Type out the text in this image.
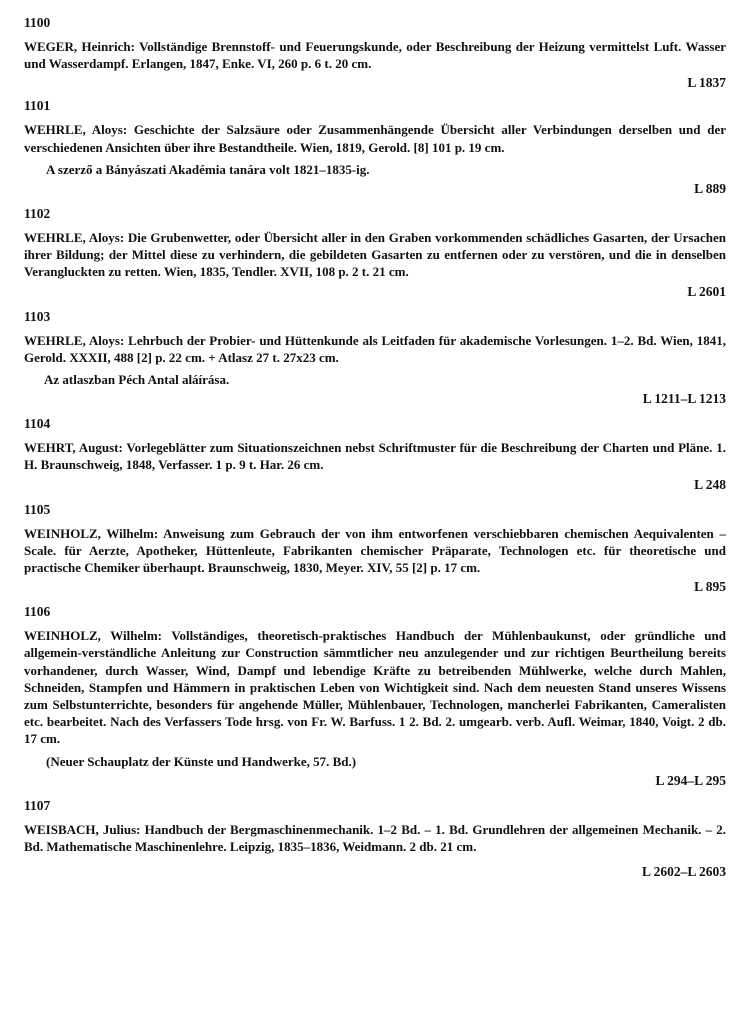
1100

WEGER, Heinrich: Vollständige Brennstoff- und Feuerungskunde, oder Beschreibung der Heizung vermittelst Luft. Wasser und Wasserdampf. Erlangen, 1847, Enke. VI, 260 p. 6 t. 20 cm.

L 1837
1101

WEHRLE, Aloys: Geschichte der Salzsäure oder Zusammenhängende Übersicht aller Verbindungen derselben und der verschiedenen Ansichten über ihre Bestandtheile. Wien, 1819, Gerold. [8] 101 p. 19 cm.

A szerző a Bányászati Akadémia tanára volt 1821–1835-ig.
L 889
1102

WEHRLE, Aloys: Die Grubenwetter, oder Übersicht aller in den Graben vorkommenden schädliches Gasarten, der Ursachen ihrer Bildung; der Mittel diese zu verhindern, die gebildeten Gasarten zu entfernen oder zu verstören, und die in denselben Verangluckten zu retten. Wien, 1835, Tendler. XVII, 108 p. 2 t. 21 cm.

L 2601
1103

WEHRLE, Aloys: Lehrbuch der Probier- und Hüttenkunde als Leitfaden für akademische Vorlesungen. 1–2. Bd. Wien, 1841, Gerold. XXXII, 488 [2] p. 22 cm. + Atlasz 27 t. 27x23 cm.

Az atlaszban Péch Antal aláírása.
L 1211–L 1213
1104

WEHRT, August: Vorlegeblätter zum Situationszeichnen nebst Schriftmuster für die Beschreibung der Charten und Pläne. 1. H. Braunschweig, 1848, Verfasser. 1 p. 9 t. Har. 26 cm.

L 248
1105

WEINHOLZ, Wilhelm: Anweisung zum Gebrauch der von ihm entworfenen verschiebbaren chemischen Aequivalenten – Scale. für Aerzte, Apotheker, Hüttenleute, Fabrikanten chemischer Präparate, Technologen etc. für theoretische und practische Chemiker überhaupt. Braunschweig, 1830, Meyer. XIV, 55 [2] p. 17 cm.

L 895
1106

WEINHOLZ, Wilhelm: Vollständiges, theoretisch-praktisches Handbuch der Mühlenbaukunst, oder gründliche und allgemein-verständliche Anleitung zur Construction sämmtlicher neu anzulegender und zur richtigen Beurtheilung bereits vorhandener, durch Wasser, Wind, Dampf und lebendige Kräfte zu betreibenden Mühlwerke, welche durch Mahlen, Schneiden, Stampfen und Hämmern in praktischen Leben von Wichtigkeit sind. Nach dem neuesten Stand unseres Wissens zum Selbstunterrichte, besonders für angehende Müller, Mühlenbauer, Technologen, mancherlei Fabrikanten, Cameralisten etc. bearbeitet. Nach des Verfassers Tode hrsg. von Fr. W. Barfuss. 1 2. Bd. 2. umgearb. verb. Aufl. Weimar, 1840, Voigt. 2 db. 17 cm.

(Neuer Schauplatz der Künste und Handwerke, 57. Bd.)
L 294–L 295
1107

WEISBACH, Julius: Handbuch der Bergmaschinenmechanik. 1–2 Bd. – 1. Bd. Grundlehren der allgemeinen Mechanik. – 2. Bd. Mathematische Maschinenlehre. Leipzig, 1835–1836, Weidmann. 2 db. 21 cm.

L 2602–L 2603
